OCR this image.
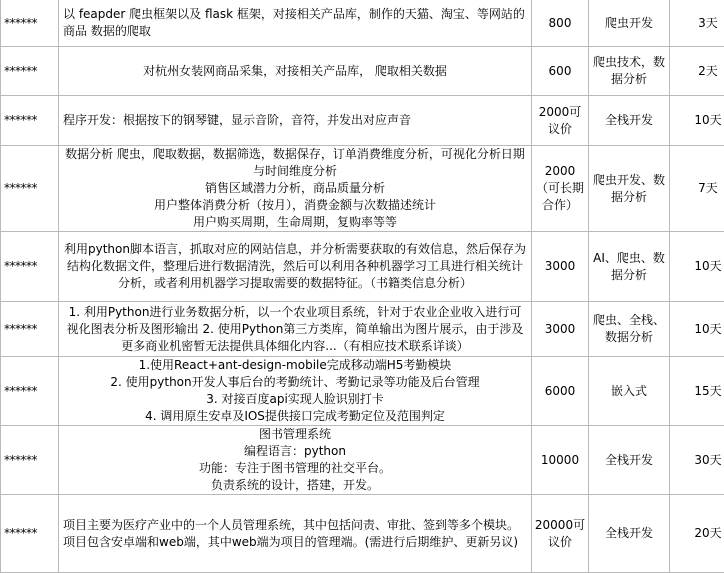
******	以 feapder 爬虫框架以及 flask 框架，对接相关产品库，制作的天猫、淘宝、等网站的商品 数据的爬取	800	爬虫开发	3天
******	对杭州女装网商品采集，对接相关产品库， 爬取相关数据	600	爬虫技术，数据分析	2天
******	程序开发：根据按下的钢琴键，显示音阶，音符，并发出对应声音	2000可议价	全栈开发	10天
******	数据分析 爬虫，爬取数据，数据筛选，数据保存，订单消费维度分析，可视化分析日期与时间维度分析
销售区域潜力分析，商品质量分析
用户整体消费分析（按月），消费金额与次数描述统计
用户购买周期，生命周期，复购率等等	2000（可长期合作）	爬虫开发、数据分析	7天
******	利用python脚本语言，抓取对应的网站信息，并分析需要获取的有效信息，然后保存为结构化数据文件，整理后进行数据清洗，然后可以利用各种机器学习工具进行相关统计分析，或者利用机器学习提取需要的数据特征。（书籍类信息分析）	3000	AI、爬虫、数据分析	10天
******	1. 利用Python进行业务数据分析，以一个农业项目系统，针对于农业企业收入进行可视化图表分析及图形输出 2. 使用Python第三方类库，简单输出为图片展示，由于涉及更多商业机密暂无法提供具体细化内容...（有相应技术联系详谈）	3000	爬虫、全栈、数据分析	10天
******	1.使用React+ant-design-mobile完成移动端H5考勤模块
2. 使用python开发人事后台的考勤统计、考勤记录等功能及后台管理
3. 对接百度api实现人脸识别打卡
4. 调用原生安卓及IOS提供接口完成考勤定位及范围判定	6000	嵌入式	15天
******	图书管理系统
编程语言：python
功能：专注于图书管理的社交平台。
负责系统的设计，搭建，开发。	10000	全栈开发	30天
******	项目主要为医疗产业中的一个人员管理系统，其中包括问责、审批、签到等多个模块。项目包含安卓端和web端，其中web端为项目的管理端。(需进行后期维护、更新另议)	20000可议价	全栈开发	20天
